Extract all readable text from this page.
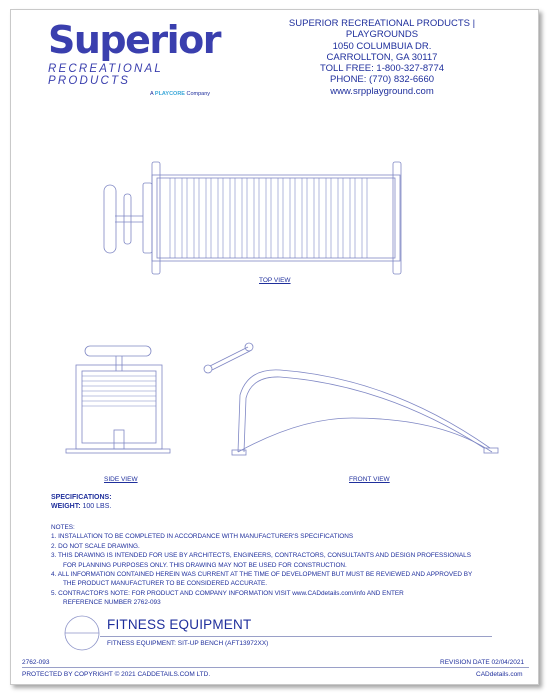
Superior
RECREATIONAL PRODUCTS
A PLAYCORE Company
SUPERIOR RECREATIONAL PRODUCTS | PLAYGROUNDS
1050 COLUMBUIA DR.
CARROLLTON, GA 30117
TOLL FREE: 1-800-327-8774
PHONE: (770) 832-6660
www.srpplayground.com
TOP VIEW
SIDE VIEW	FRONT VIEW
SPECIFICATIONS:
WEIGHT: 100 LBS.
NOTES:
1. INSTALLATION TO BE COMPLETED IN ACCORDANCE WITH MANUFACTURER'S SPECIFICATIONS
2. DO NOT SCALE DRAWING.
3. THIS DRAWING IS INTENDED FOR USE BY ARCHITECTS, ENGINEERS, CONTRACTORS, CONSULTANTS AND DESIGN PROFESSIONALS
FOR PLANNING PURPOSES ONLY. THIS DRAWING MAY NOT BE USED FOR CONSTRUCTION.
4. ALL INFORMATION CONTAINED HEREIN WAS CURRENT AT THE TIME OF DEVELOPMENT BUT MUST BE REVIEWED AND APPROVED BY
THE PRODUCT MANUFACTURER TO BE CONSIDERED ACCURATE.
5. CONTRACTOR'S NOTE: FOR PRODUCT AND COMPANY INFORMATION VISIT www.CADdetails.com/info AND ENTER
REFERENCE NUMBER 2762-093
FITNESS EQUIPMENT
FITNESS EQUIPMENT: SIT-UP BENCH (AFT13972XX)
2762-093	REVISION DATE 02/04/2021
PROTECTED BY COPYRIGHT © 2021 CADDETAILS.COM LTD.	CADdetails.com
